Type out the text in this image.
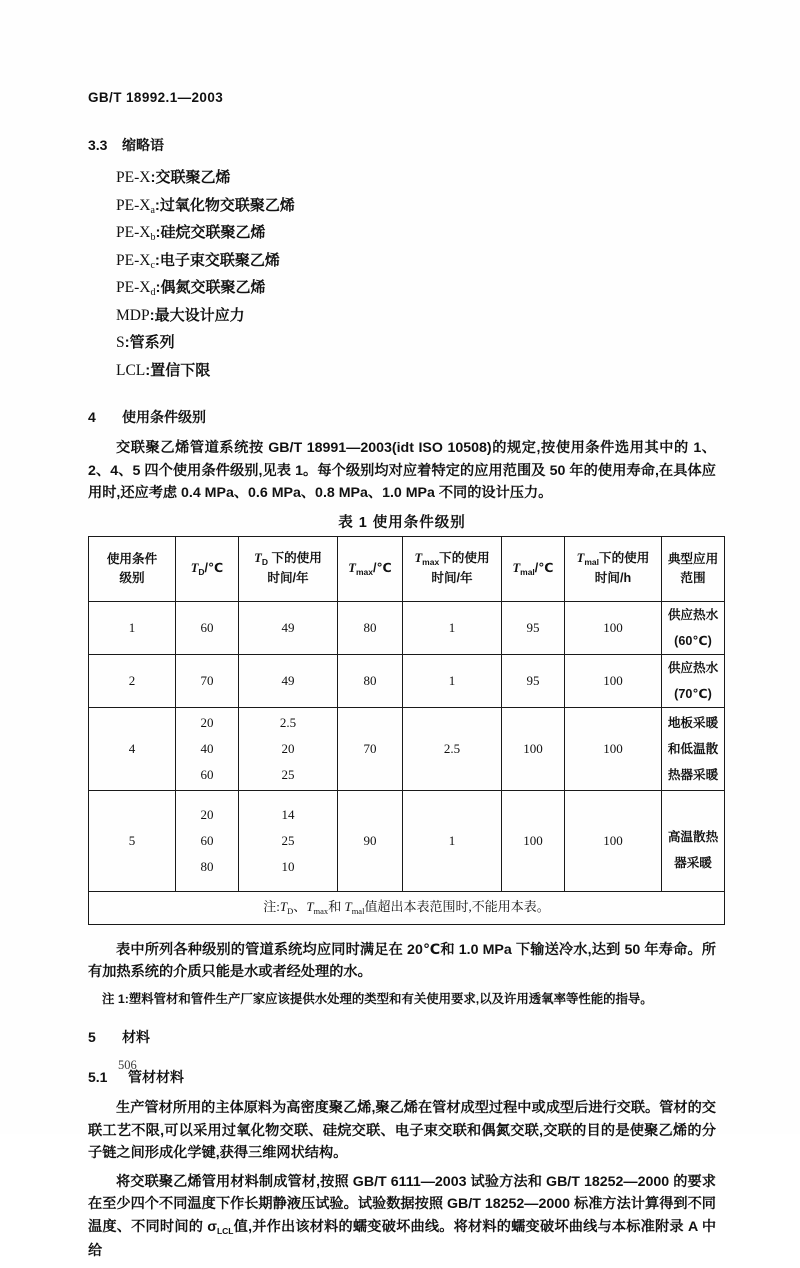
GB/T 18992.1—2003
3.3 缩略语
PE-X:交联聚乙烯
$PE-X_a$:过氧化物交联聚乙烯
$PE-X_b$:硅烷交联聚乙烯
$PE-X_c$:电子束交联聚乙烯
$PE-X_d$:偶氮交联聚乙烯
MDP:最大设计应力
S:管系列
LCL:置信下限
4 使用条件级别

交联聚乙烯管道系统按 GB/T 18991—2003(idt ISO 10508)的规定,按使用条件选用其中的 1、2、4、5 四个使用条件级别,见表 1。每个级别均对应着特定的应用范围及 50 年的使用寿命,在具体应用时,还应考虑 0.4 MPa、0.6 MPa、0.8 MPa、1.0 MPa 不同的设计压力。

表 1 使用条件级别
使用条件
级别	$T_D/℃$	$T_D$ 下的使用
时间/年	$T_{max}/℃$	$T_{max}$下的使用
时间/年	$T_{mal}/℃$	$T_{mal}$下的使用
时间/h	典型应用
范围
1	60	49	80	1	95	100	供应热水
(60℃)

2	70	49	80	1	95	100	供应热水
(70℃)

4	20
40
60	2.5
20
25	70	2.5	100	100	地板采暖
和低温散
热器采暖

5	20
60
80	14
25
10	90	1	100	100	高温散热
器采暖

注$:T_D$、$T_{max}$和 $T_{mal}$值超出本表范围时,不能用本表。							

表中所列各种级别的管道系统均应同时满足在 20℃和 1.0 MPa 下输送冷水,达到 50 年寿命。所有加热系统的介质只能是水或者经处理的水。

注 1:塑料管材和管件生产厂家应该提供水处理的类型和有关使用要求,以及许用透氧率等性能的指导。

5 材料
5.1 管材材料

生产管材所用的主体原料为高密度聚乙烯,聚乙烯在管材成型过程中或成型后进行交联。管材的交联工艺不限,可以采用过氧化物交联、硅烷交联、电子束交联和偶氮交联,交联的目的是使聚乙烯的分子链之间形成化学键,获得三维网状结构。

将交联聚乙烯管用材料制成管材,按照 GB/T 6111—2003 试验方法和 GB/T 18252—2000 的要求在至少四个不同温度下作长期静液压试验。试验数据按照 GB/T 18252—2000 标准方法计算得到不同温度、不同时间的 $\sigma_{LCL}$值,并作出该材料的蠕变破坏曲线。将材料的蠕变破坏曲线与本标准附录 A 中给

506
